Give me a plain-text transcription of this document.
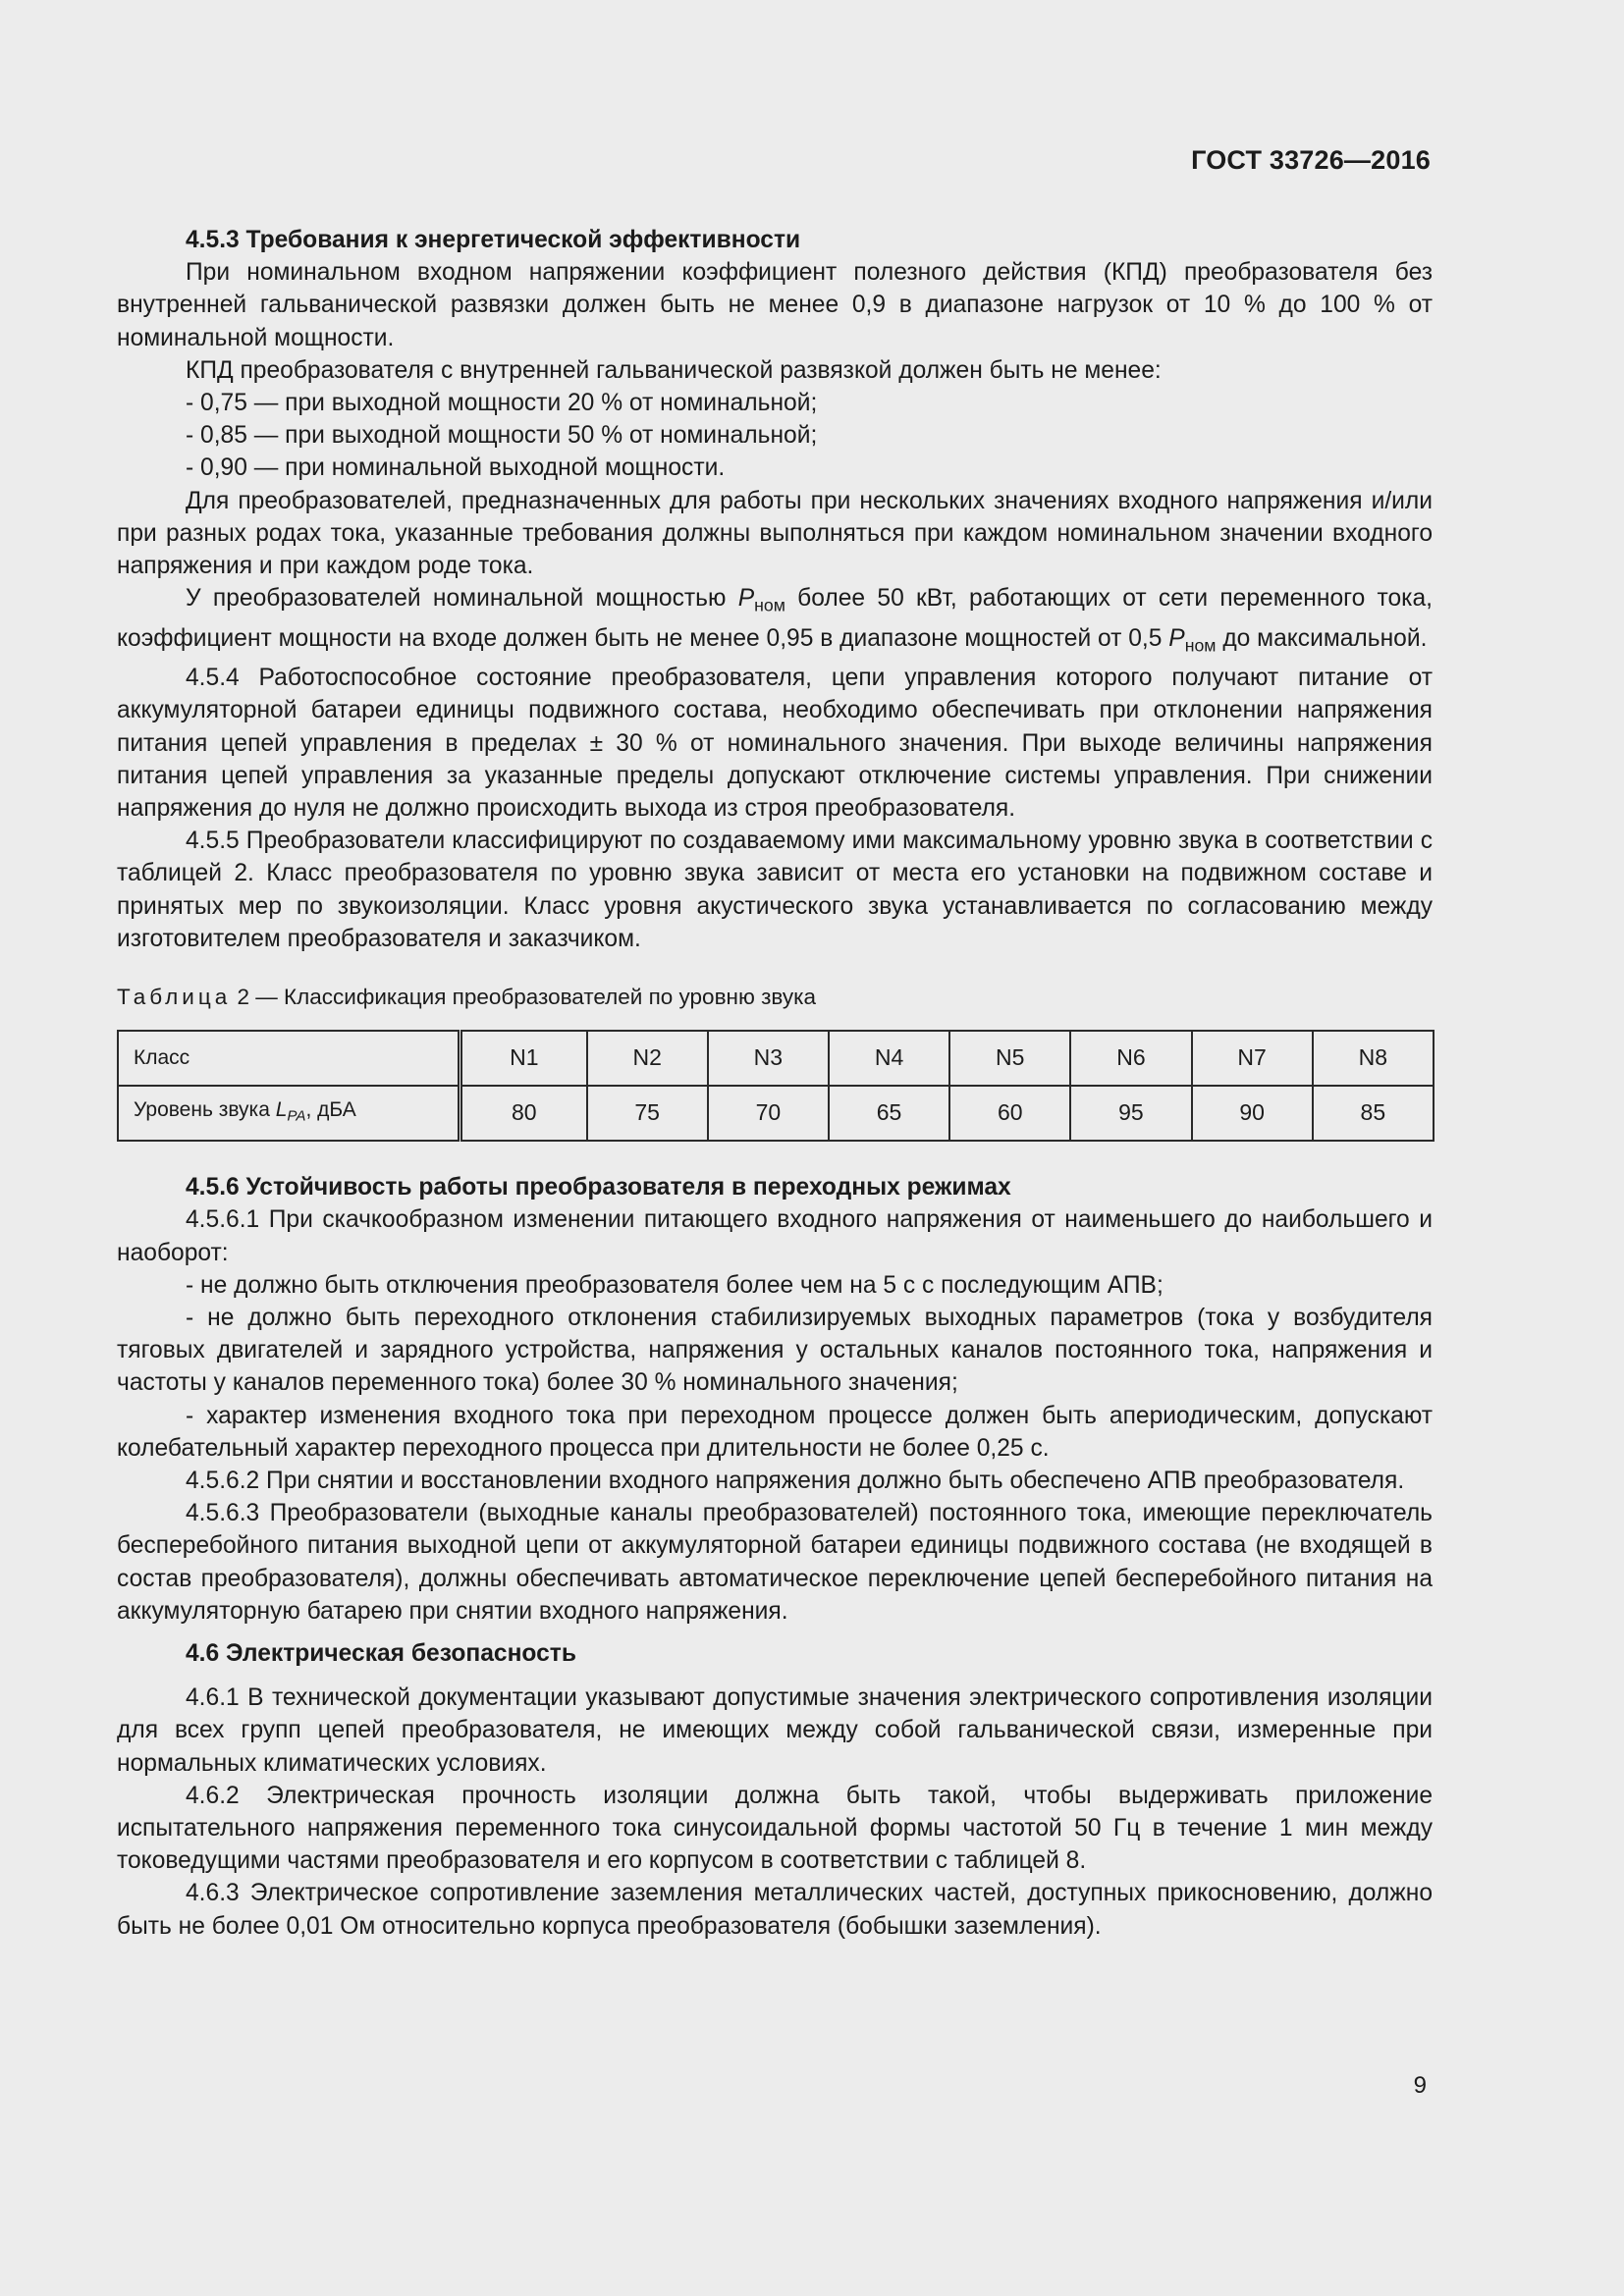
ГОСТ 33726—2016

4.5.3 Требования к энергетической эффективности

При номинальном входном напряжении коэффициент полезного действия (КПД) преобразователя без внутренней гальванической развязки должен быть не менее 0,9 в диапазоне нагрузок от 10 % до 100 % от номинальной мощности.

КПД преобразователя с внутренней гальванической развязкой должен быть не менее:

- 0,75 — при выходной мощности 20 % от номинальной;

- 0,85 — при выходной мощности 50 % от номинальной;

- 0,90 — при номинальной выходной мощности.

Для преобразователей, предназначенных для работы при нескольких значениях входного напряжения и/или при разных родах тока, указанные требования должны выполняться при каждом номинальном значении входного напряжения и при каждом роде тока.

У преобразователей номинальной мощностью $P_{ном}$ более 50 кВт, работающих от сети переменного тока, коэффициент мощности на входе должен быть не менее 0,95 в диапазоне мощностей от 0,5 $P_{ном}$ до максимальной.

4.5.4 Работоспособное состояние преобразователя, цепи управления которого получают питание от аккумуляторной батареи единицы подвижного состава, необходимо обеспечивать при отклонении напряжения питания цепей управления в пределах ± 30 % от номинального значения. При выходе величины напряжения питания цепей управления за указанные пределы допускают отключение системы управления. При снижении напряжения до нуля не должно происходить выхода из строя преобразователя.

4.5.5 Преобразователи классифицируют по создаваемому ими максимальному уровню звука в соответствии с таблицей 2. Класс преобразователя по уровню звука зависит от места его установки на подвижном составе и принятых мер по звукоизоляции. Класс уровня акустического звука устанавливается по согласованию между изготовителем преобразователя и заказчиком.

Таблица 2 — Классификация преобразователей по уровню звука

Класс	N1	N2	N3	N4	N5	N6	N7	N8
Уровень звука $L_{PA}$, дБА	80	75	70	65	60	95	90	85

4.5.6 Устойчивость работы преобразователя в переходных режимах

4.5.6.1 При скачкообразном изменении питающего входного напряжения от наименьшего до наибольшего и наоборот:

- не должно быть отключения преобразователя более чем на 5 с с последующим АПВ;

- не должно быть переходного отклонения стабилизируемых выходных параметров (тока у возбудителя тяговых двигателей и зарядного устройства, напряжения у остальных каналов постоянного тока, напряжения и частоты у каналов переменного тока) более 30 % номинального значения;

- характер изменения входного тока при переходном процессе должен быть апериодическим, допускают колебательный характер переходного процесса при длительности не более 0,25 с.

4.5.6.2 При снятии и восстановлении входного напряжения должно быть обеспечено АПВ преобразователя.

4.5.6.3 Преобразователи (выходные каналы преобразователей) постоянного тока, имеющие переключатель бесперебойного питания выходной цепи от аккумуляторной батареи единицы подвижного состава (не входящей в состав преобразователя), должны обеспечивать автоматическое переключение цепей бесперебойного питания на аккумуляторную батарею при снятии входного напряжения.

4.6 Электрическая безопасность

4.6.1 В технической документации указывают допустимые значения электрического сопротивления изоляции для всех групп цепей преобразователя, не имеющих между собой гальванической связи, измеренные при нормальных климатических условиях.

4.6.2 Электрическая прочность изоляции должна быть такой, чтобы выдерживать приложение испытательного напряжения переменного тока синусоидальной формы частотой 50 Гц в течение 1 мин между токоведущими частями преобразователя и его корпусом в соответствии с таблицей 8.

4.6.3 Электрическое сопротивление заземления металлических частей, доступных прикосновению, должно быть не более 0,01 Ом относительно корпуса преобразователя (бобышки заземления).

9
